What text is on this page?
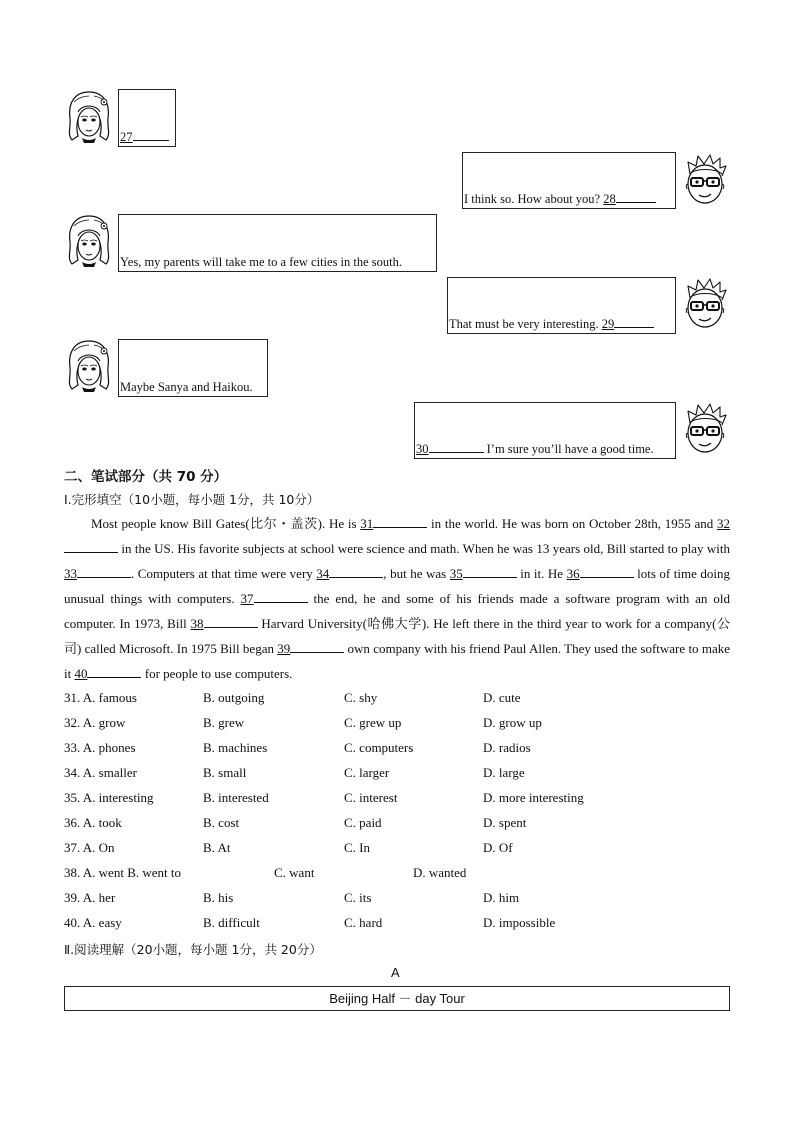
27
I think so. How about you? 28
Yes, my parents will take me to a few cities in the south.
That must be very interesting. 29
Maybe Sanya and Haikou.
30	I’m sure you’ll have a good time.
二、笔试部分（共 70 分）
Ⅰ.完形填空（10小题，每小题 1分，共 10分）
Most people know Bill Gates(比尔・盖茨). He is 31	in the world. He was born on October 28th, 1955 and 32 in the US. His favorite subjects at school were science and math. When he was 13 years old, Bill started to play with 33	. Computers at that time were very 34	, but he was 35	in it. He 36	lots of time doing unusual things with computers. 37	the end, he and some of his friends made a software program with an old computer. In 1973, Bill 38	Harvard University(哈佛大学). He left there in the third year to work for a company(公司) called Microsoft. In 1975 Bill began 39	own company with his friend Paul Allen. They used the software to make it 40	for people to use computers.
31. A. famous	B. outgoing	C. shy	D. cute
32. A. grow	B. grew	C. grew up	D. grow up
33. A. phones	B. machines	C. computers	D. radios
34. A. smaller	B. small	C. larger	D. large
35. A. interesting	B. interested	C. interest	D. more interesting
36. A. took	B. cost	C. paid	D. spent
37. A. On	B. At	C. In	D. Of
38. A. went B. went to	C. want	D. wanted
39. A. her	B. his	C. its	D. him
40. A. easy	B. difficult	C. hard	D. impossible
Ⅱ.阅读理解（20小题，每小题 1分，共 20分）
A
Beijing Half － day Tour
